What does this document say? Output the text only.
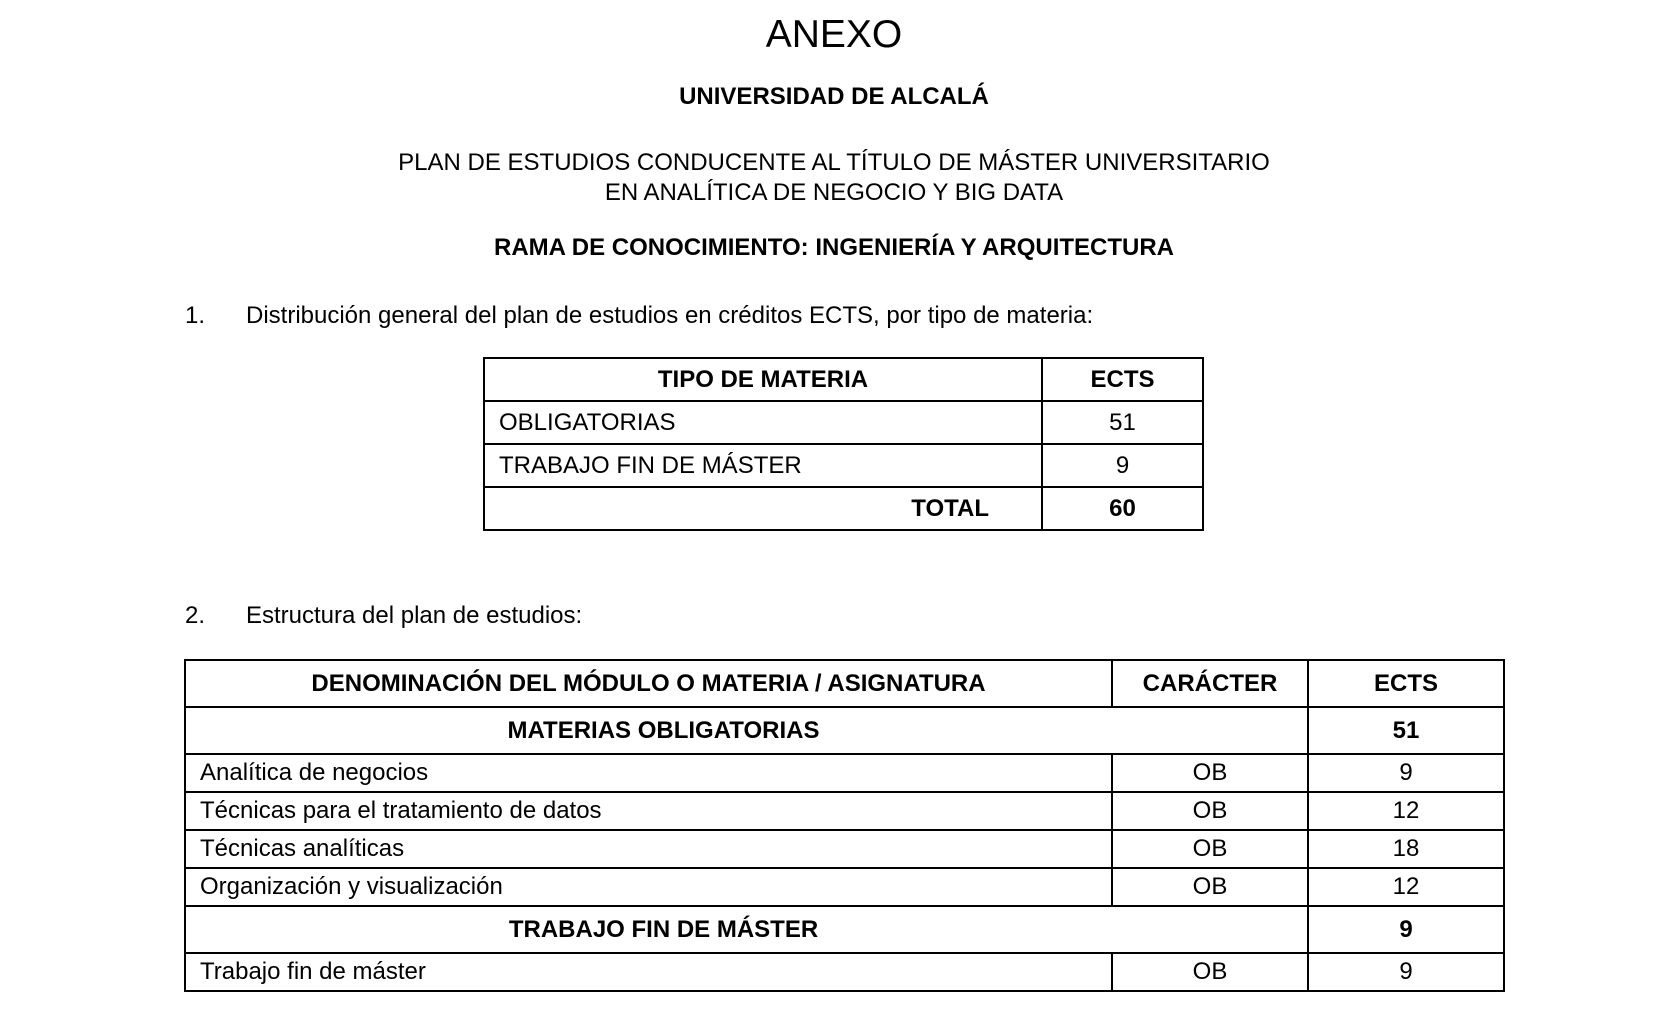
ANEXO
UNIVERSIDAD DE ALCALÁ
PLAN DE ESTUDIOS CONDUCENTE AL TÍTULO DE MÁSTER UNIVERSITARIO
EN ANALÍTICA DE NEGOCIO Y BIG DATA
RAMA DE CONOCIMIENTO: INGENIERÍA Y ARQUITECTURA
1. Distribución general del plan de estudios en créditos ECTS, por tipo de materia:
TIPO DE MATERIA	ECTS
OBLIGATORIAS	51
TRABAJO FIN DE MÁSTER	9
TOTAL	60
2. Estructura del plan de estudios:
DENOMINACIÓN DEL MÓDULO O MATERIA / ASIGNATURA	CARÁCTER	ECTS
MATERIAS OBLIGATORIAS		51
Analítica de negocios	OB	9
Técnicas para el tratamiento de datos	OB	12
Técnicas analíticas	OB	18
Organización y visualización	OB	12
TRABAJO FIN DE MÁSTER		9
Trabajo fin de máster	OB	9
